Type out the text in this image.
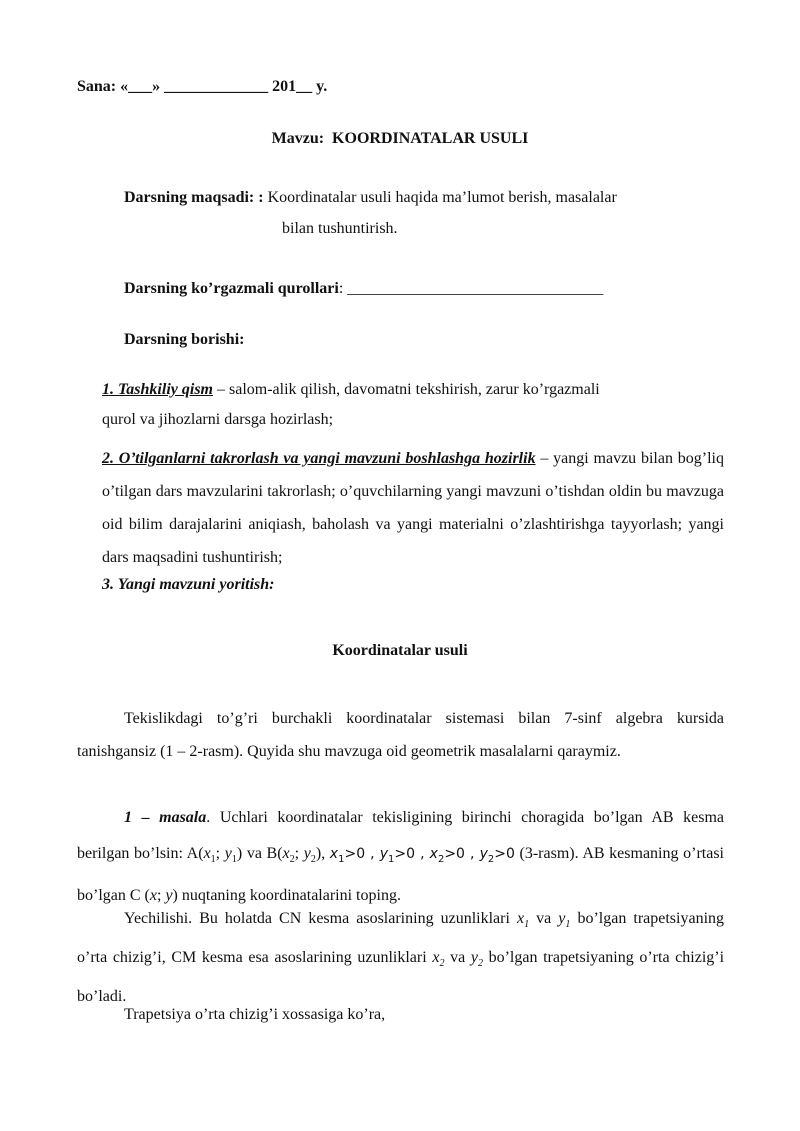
Sana: «___» _____________ 201__ y.
Mavzu: KOORDINATALAR USULI
Darsning maqsadi: : Koordinatalar usuli haqida ma’lumot berish, masalalar
bilan tushuntirish.
Darsning ko’rgazmali qurollari: ________________________________
Darsning borishi:
1. Tashkiliy qism – salom-alik qilish, davomatni tekshirish, zarur ko’rgazmali
qurol va jihozlarni darsga hozirlash;
2. O’tilganlarni takrorlash va yangi mavzuni boshlashga hozirlik – yangi mavzu bilan bog’liq o’tilgan dars mavzularini takrorlash; o’quvchilarning yangi mavzuni o’tishdan oldin bu mavzuga oid bilim darajalarini aniqiash, baholash va yangi materialni o’zlashtirishga tayyorlash; yangi dars maqsadini tushuntirish;
3. Yangi mavzuni yoritish:
Koordinatalar usuli
Tekislikdagi to’g’ri burchakli koordinatalar sistemasi bilan 7-sinf algebra kursida tanishgansiz (1 – 2-rasm). Quyida shu mavzuga oid geometrik masalalarni qaraymiz.
1 – masala. Uchlari koordinatalar tekisligining birinchi choragida bo’lgan AB kesma berilgan bo’lsin: $A(x_1$; $y_1$) va $B(x_2$; $y_2$), $x_1>0$ , $y_1>0$ , $x_2>0$ , $y_2>0$ (3-rasm). AB kesmaning o’rtasi bo’lgan C (x; y) nuqtaning koordinatalarini toping.
Yechilishi. Bu holatda CN kesma asoslarining uzunliklari $x_1$ va $y_1$ bo’lgan trapetsiyaning o’rta chizig’i, CM kesma esa asoslarining uzunliklari $x_2$ va $y_2$ bo’lgan trapetsiyaning o’rta chizig’i bo’ladi.
Trapetsiya o’rta chizig’i xossasiga ko’ra,
